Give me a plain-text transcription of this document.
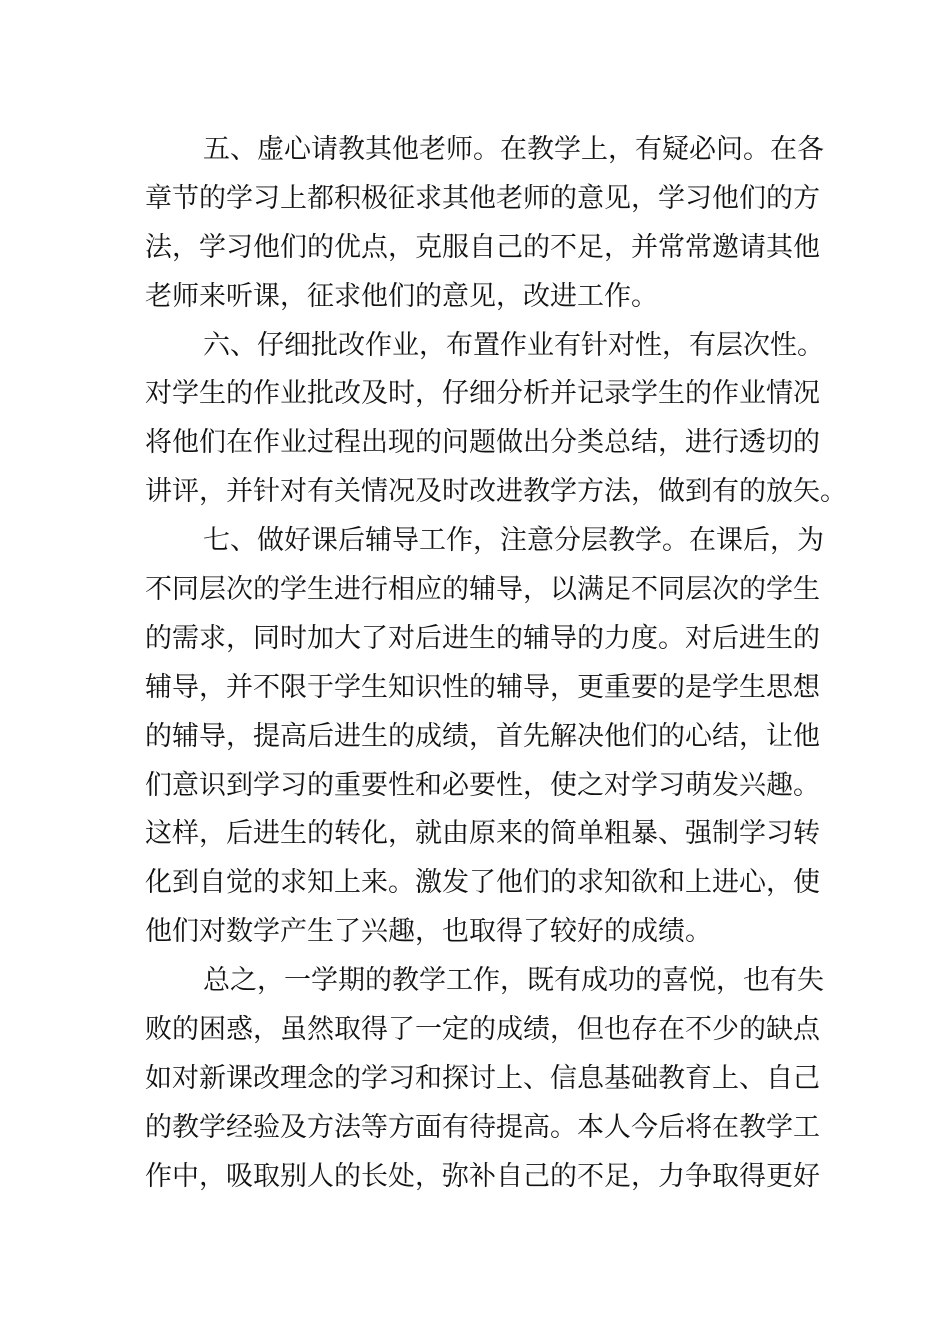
五、虚心请教其他老师。在教学上，有疑必问。在各
章节的学习上都积极征求其他老师的意见，学习他们的方
法，学习他们的优点，克服自己的不足，并常常邀请其他
老师来听课，征求他们的意见，改进工作。
六、仔细批改作业，布置作业有针对性，有层次性。
对学生的作业批改及时，仔细分析并记录学生的作业情况
将他们在作业过程出现的问题做出分类总结，进行透切的
讲评，并针对有关情况及时改进教学方法，做到有的放矢。
七、做好课后辅导工作，注意分层教学。在课后，为
不同层次的学生进行相应的辅导，以满足不同层次的学生
的需求，同时加大了对后进生的辅导的力度。对后进生的
辅导，并不限于学生知识性的辅导，更重要的是学生思想
的辅导，提高后进生的成绩，首先解决他们的心结，让他
们意识到学习的重要性和必要性，使之对学习萌发兴趣。
这样，后进生的转化，就由原来的简单粗暴、强制学习转
化到自觉的求知上来。激发了他们的求知欲和上进心，使
他们对数学产生了兴趣，也取得了较好的成绩。
总之，一学期的教学工作，既有成功的喜悦，也有失
败的困惑，虽然取得了一定的成绩，但也存在不少的缺点
如对新课改理念的学习和探讨上、信息基础教育上、自己
的教学经验及方法等方面有待提高。本人今后将在教学工
作中，吸取别人的长处，弥补自己的不足，力争取得更好
